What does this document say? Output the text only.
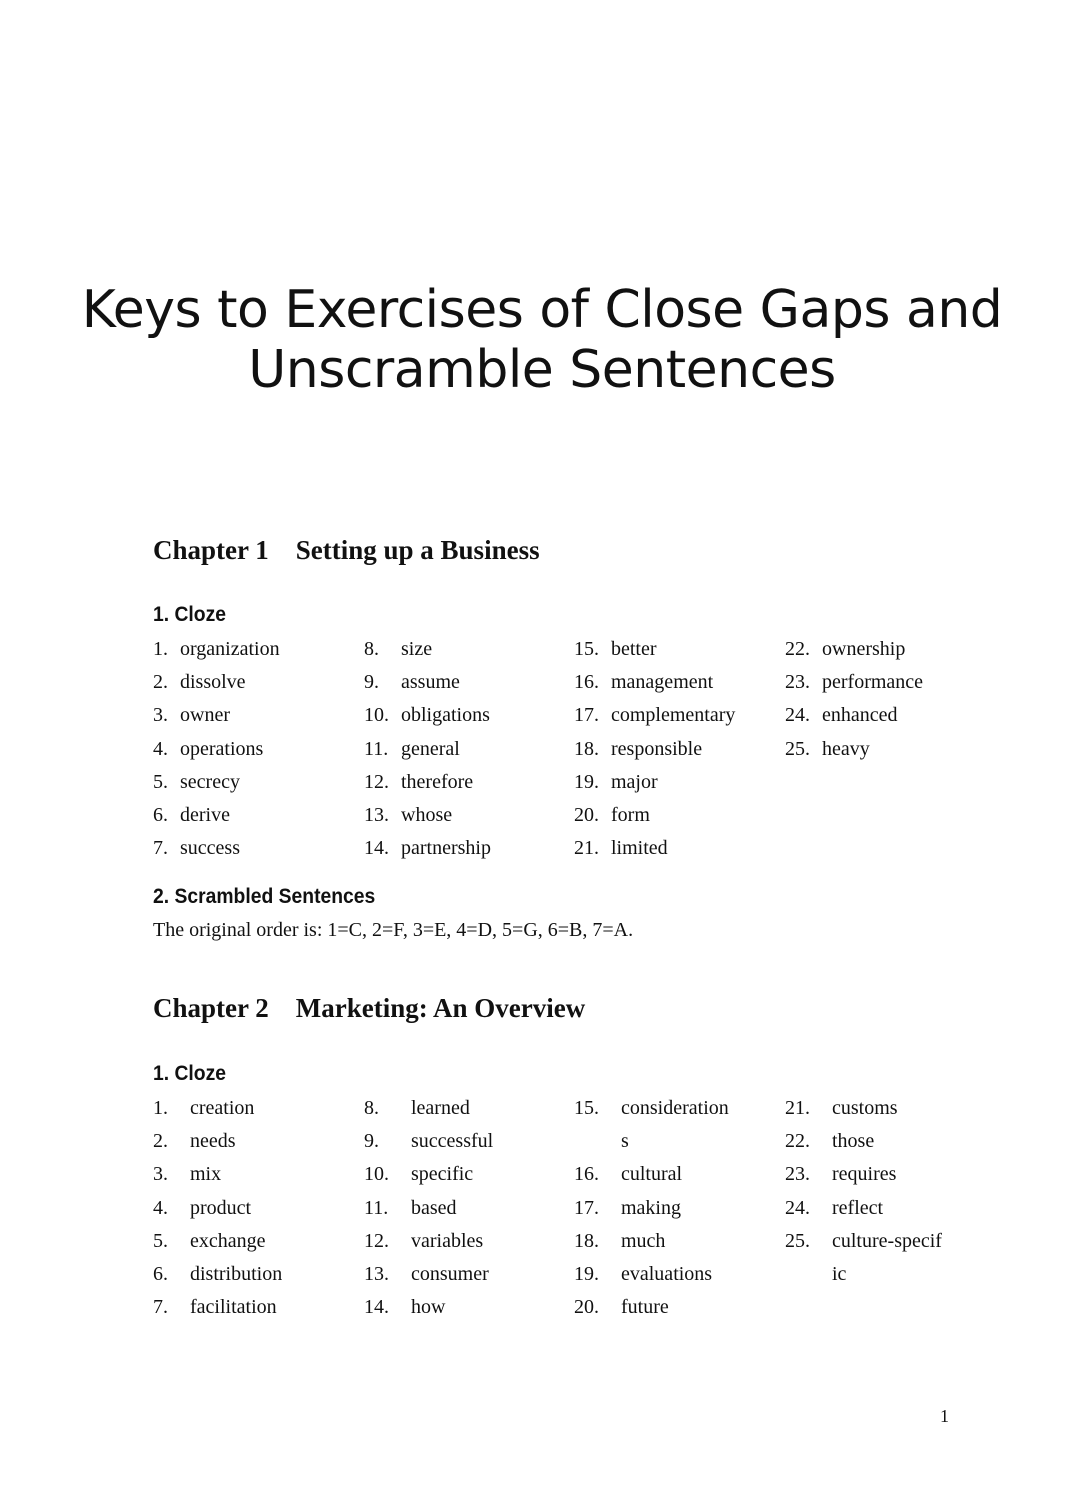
Keys to Exercises of Close Gaps and
Unscramble Sentences
Chapter 1    Setting up a Business
1. Cloze
1. organization
2. dissolve
3. owner
4. operations
5. secrecy
6. derive
7. success
8. size
9. assume
10. obligations
11. general
12. therefore
13. whose
14. partnership
15. better
16. management
17. complementary
18. responsible
19. major
20. form
21. limited
22. ownership
23. performance
24. enhanced
25. heavy
2. Scrambled Sentences
The original order is: 1=C, 2=F, 3=E, 4=D, 5=G, 6=B, 7=A.
Chapter 2    Marketing: An Overview
1. Cloze
1. creation
2. needs
3. mix
4. product
5. exchange
6. distribution
7. facilitation
8. learned
9. successful
10. specific
11. based
12. variables
13. consumer
14. how
15. consideration
s
16. cultural
17. making
18. much
19. evaluations
20. future
21. customs
22. those
23. requires
24. reflect
25. culture-specif
ic
1
